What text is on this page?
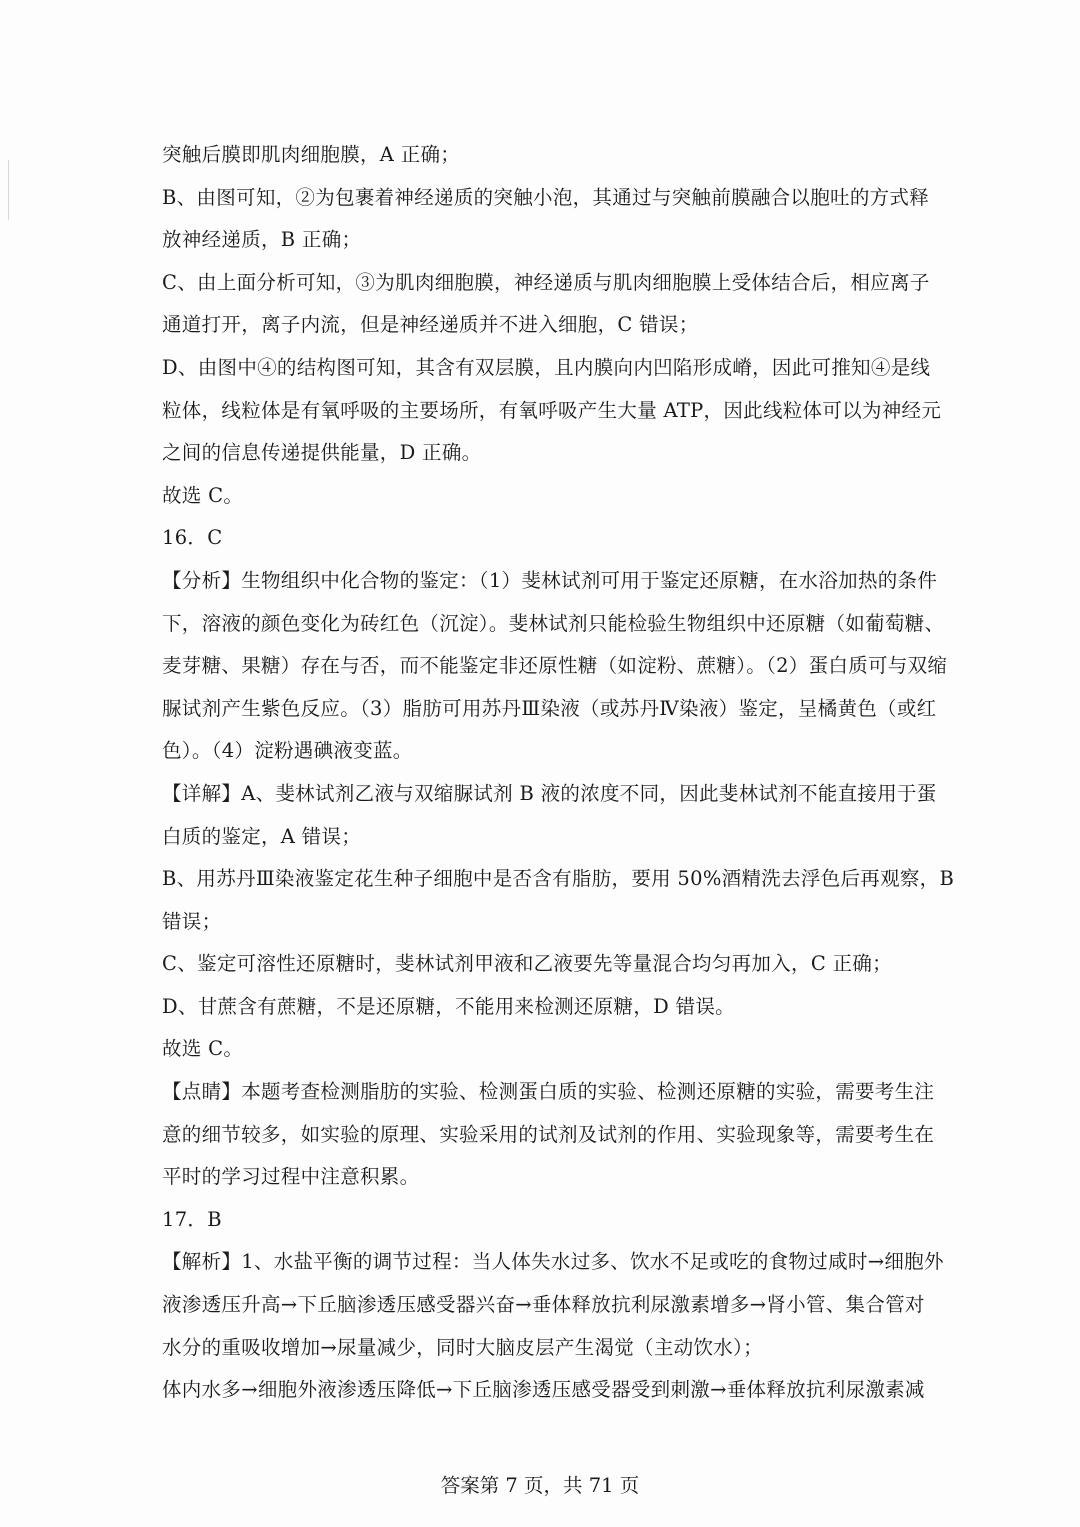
突触后膜即肌肉细胞膜，A 正确；
B、由图可知，②为包裹着神经递质的突触小泡，其通过与突触前膜融合以胞吐的方式释
放神经递质，B 正确；
C、由上面分析可知，③为肌肉细胞膜，神经递质与肌肉细胞膜上受体结合后，相应离子
通道打开，离子内流，但是神经递质并不进入细胞，C 错误；
D、由图中④的结构图可知，其含有双层膜，且内膜向内凹陷形成嵴，因此可推知④是线
粒体，线粒体是有氧呼吸的主要场所，有氧呼吸产生大量 ATP，因此线粒体可以为神经元
之间的信息传递提供能量，D 正确。
故选 C。
16．C
【分析】生物组织中化合物的鉴定：（1）斐林试剂可用于鉴定还原糖，在水浴加热的条件
下，溶液的颜色变化为砖红色（沉淀）。斐林试剂只能检验生物组织中还原糖（如葡萄糖、
麦芽糖、果糖）存在与否，而不能鉴定非还原性糖（如淀粉、蔗糖）。（2）蛋白质可与双缩
脲试剂产生紫色反应。（3）脂肪可用苏丹Ⅲ染液（或苏丹Ⅳ染液）鉴定，呈橘黄色（或红
色）。（4）淀粉遇碘液变蓝。
【详解】A、斐林试剂乙液与双缩脲试剂 B 液的浓度不同，因此斐林试剂不能直接用于蛋
白质的鉴定，A 错误；
B、用苏丹Ⅲ染液鉴定花生种子细胞中是否含有脂肪，要用 50%酒精洗去浮色后再观察，B
错误；
C、鉴定可溶性还原糖时，斐林试剂甲液和乙液要先等量混合均匀再加入，C 正确；
D、甘蔗含有蔗糖，不是还原糖，不能用来检测还原糖，D 错误。
故选 C。
【点睛】本题考查检测脂肪的实验、检测蛋白质的实验、检测还原糖的实验，需要考生注
意的细节较多，如实验的原理、实验采用的试剂及试剂的作用、实验现象等，需要考生在
平时的学习过程中注意积累。
17．B
【解析】1、水盐平衡的调节过程：当人体失水过多、饮水不足或吃的食物过咸时→细胞外
液渗透压升高→下丘脑渗透压感受器兴奋→垂体释放抗利尿激素增多→肾小管、集合管对
水分的重吸收增加→尿量减少，同时大脑皮层产生渴觉（主动饮水）；
体内水多→细胞外液渗透压降低→下丘脑渗透压感受器受到刺激→垂体释放抗利尿激素减
答案第 7 页，共 71 页
